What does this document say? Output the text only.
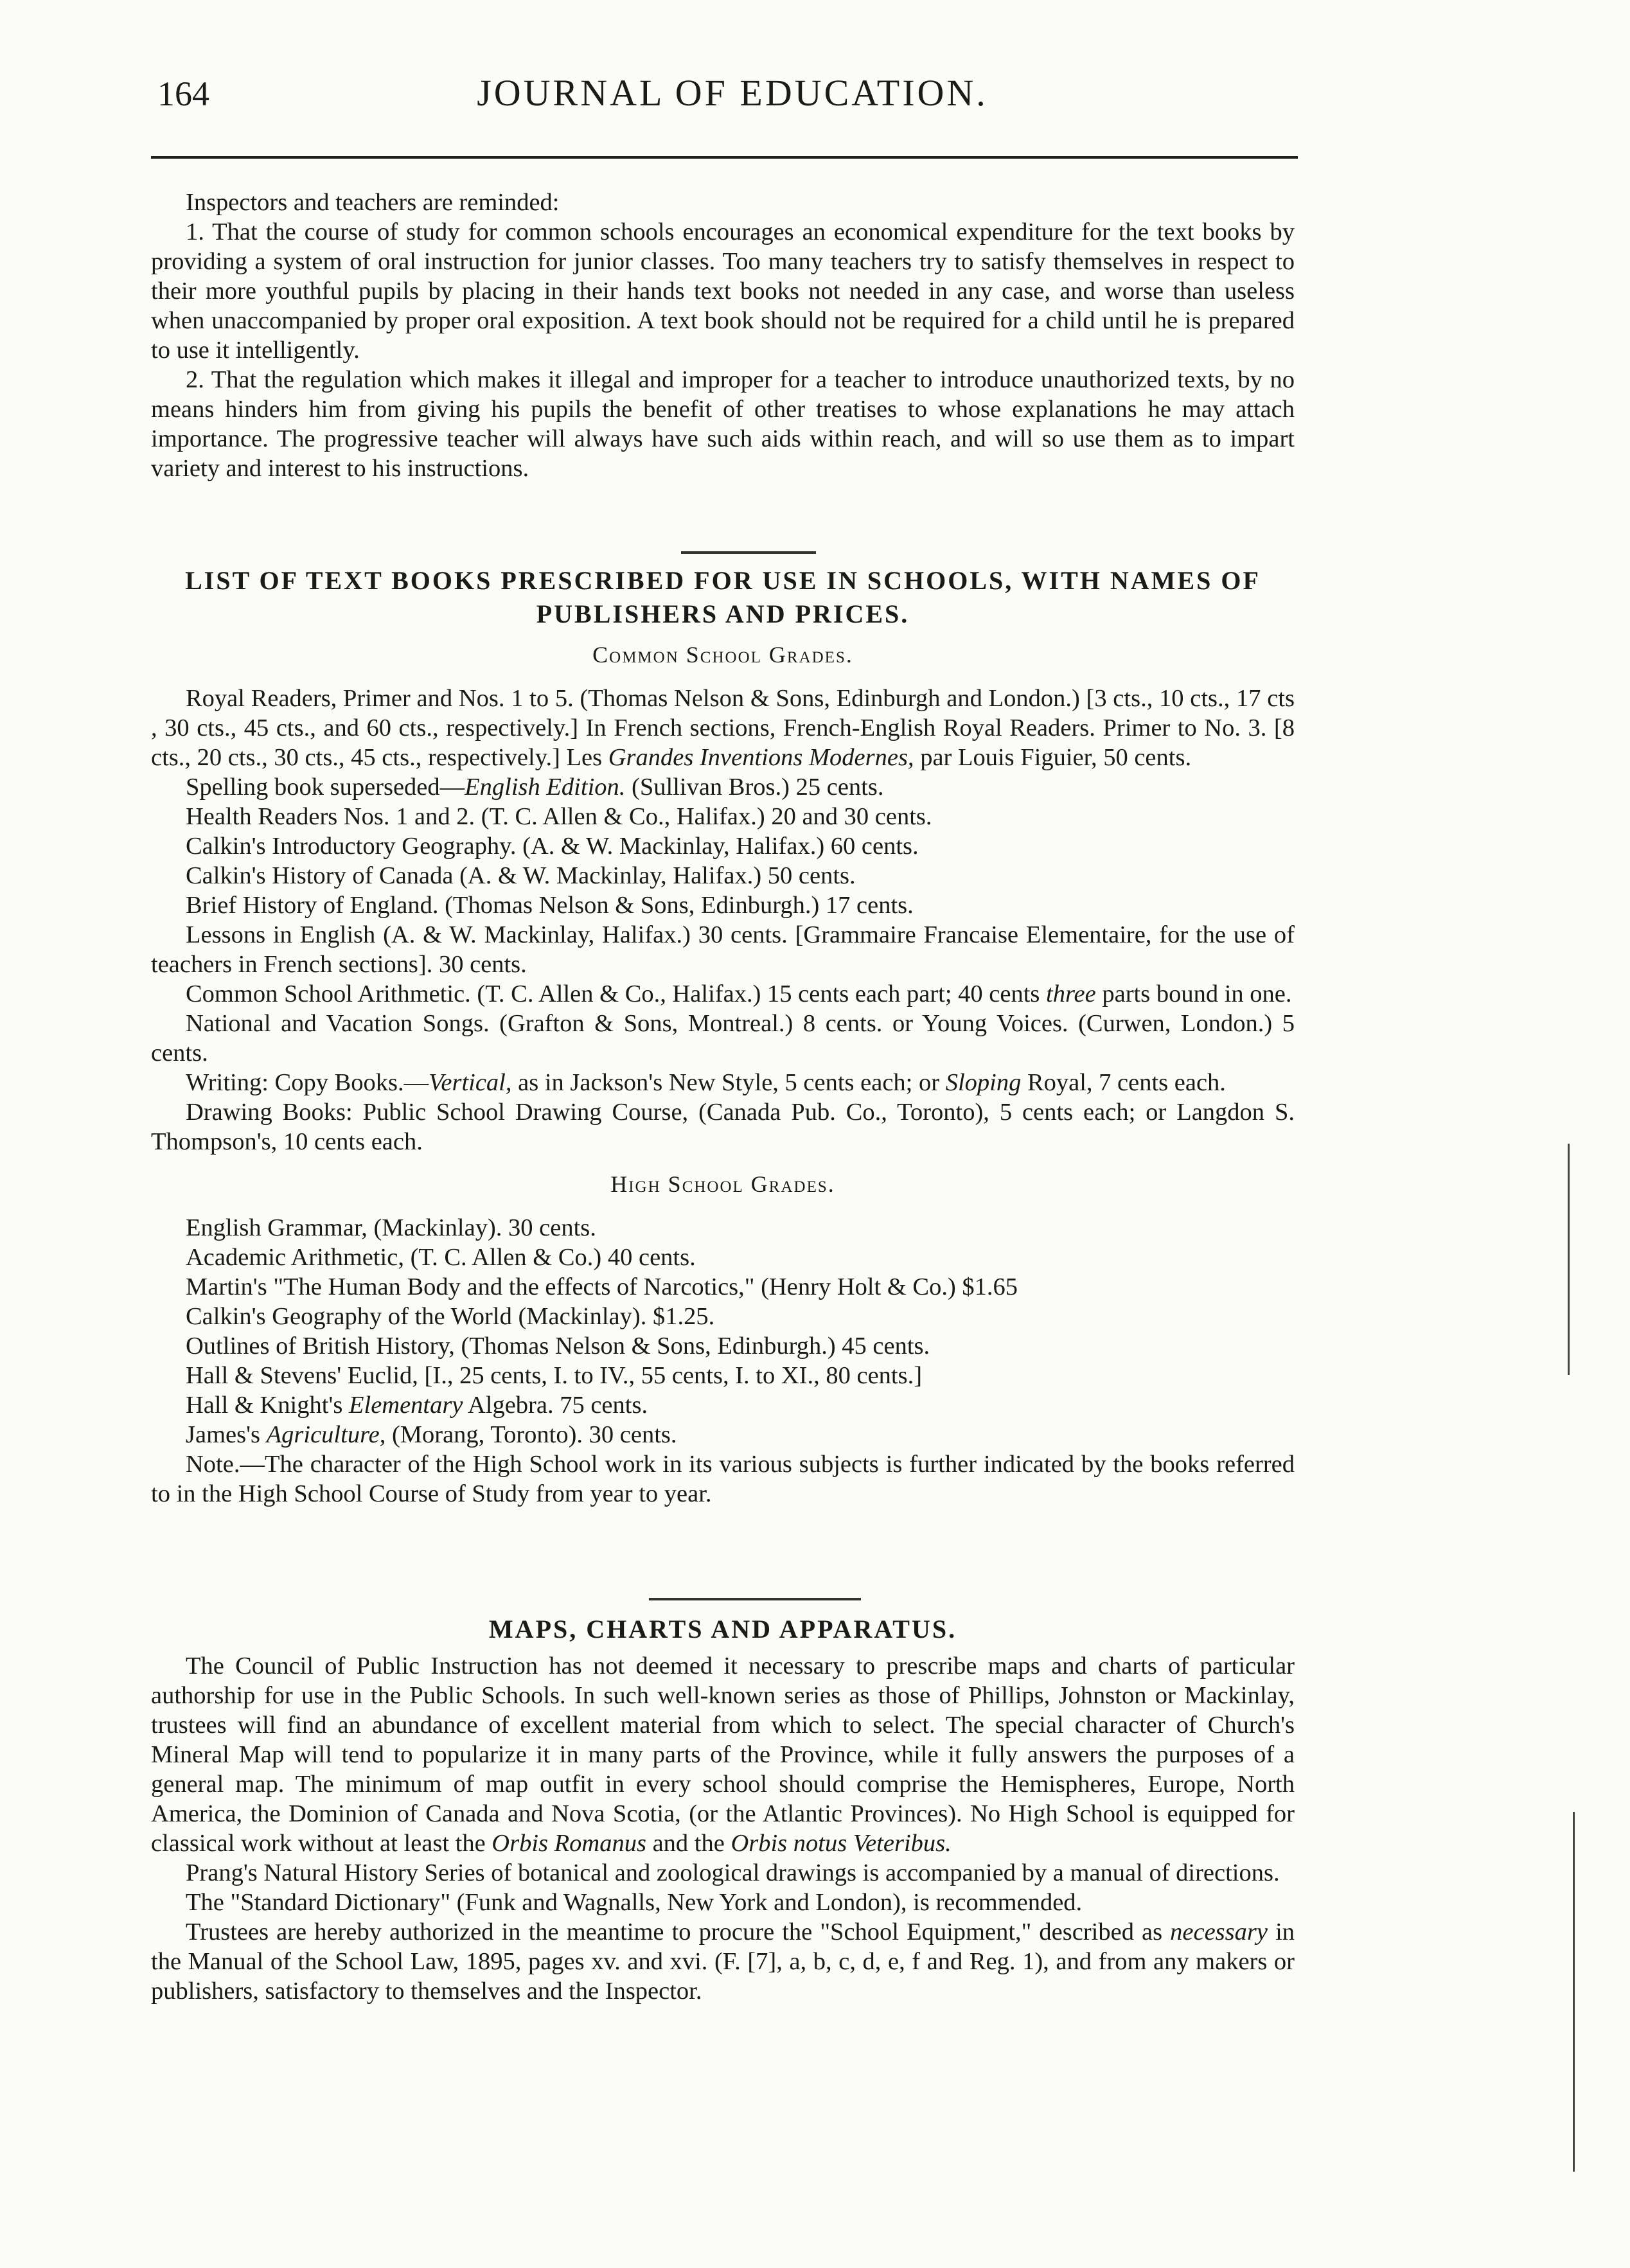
164	JOURNAL OF EDUCATION.

Inspectors and teachers are reminded:

1. That the course of study for common schools encourages an economical expenditure for the text books by providing a system of oral instruction for junior classes. Too many teachers try to satisfy themselves in respect to their more youthful pupils by placing in their hands text books not needed in any case, and worse than useless when unaccompanied by proper oral exposition. A text book should not be required for a child until he is prepared to use it intelligently.

2. That the regulation which makes it illegal and improper for a teacher to introduce unauthorized texts, by no means hinders him from giving his pupils the benefit of other treatises to whose explanations he may attach importance. The progressive teacher will always have such aids within reach, and will so use them as to impart variety and interest to his instructions.

LIST OF TEXT BOOKS PRESCRIBED FOR USE IN SCHOOLS, WITH NAMES OF

PUBLISHERS AND PRICES.

Common School Grades.

Royal Readers, Primer and Nos. 1 to 5. (Thomas Nelson & Sons, Edinburgh and London.) [3 cts., 10 cts., 17 cts , 30 cts., 45 cts., and 60 cts., respectively.] In French sections, French-English Royal Readers. Primer to No. 3. [8 cts., 20 cts., 30 cts., 45 cts., respectively.] Les Grandes Inventions Modernes, par Louis Figuier, 50 cents.

Spelling book superseded—English Edition. (Sullivan Bros.) 25 cents.

Health Readers Nos. 1 and 2. (T. C. Allen & Co., Halifax.) 20 and 30 cents.

Calkin's Introductory Geography. (A. & W. Mackinlay, Halifax.) 60 cents.

Calkin's History of Canada (A. & W. Mackinlay, Halifax.) 50 cents.

Brief History of England. (Thomas Nelson & Sons, Edinburgh.) 17 cents.

Lessons in English (A. & W. Mackinlay, Halifax.) 30 cents. [Grammaire Francaise Elementaire, for the use of teachers in French sections]. 30 cents.

Common School Arithmetic. (T. C. Allen & Co., Halifax.) 15 cents each part; 40 cents three parts bound in one.

National and Vacation Songs. (Grafton & Sons, Montreal.) 8 cents. or Young Voices. (Curwen, London.) 5 cents.

Writing: Copy Books.—Vertical, as in Jackson's New Style, 5 cents each; or Sloping Royal, 7 cents each.

Drawing Books: Public School Drawing Course, (Canada Pub. Co., Toronto), 5 cents each; or Langdon S. Thompson's, 10 cents each.

High School Grades.

English Grammar, (Mackinlay). 30 cents.

Academic Arithmetic, (T. C. Allen & Co.) 40 cents.

Martin's "The Human Body and the effects of Narcotics," (Henry Holt & Co.) $1.65

Calkin's Geography of the World (Mackinlay). $1.25.

Outlines of British History, (Thomas Nelson & Sons, Edinburgh.) 45 cents.

Hall & Stevens' Euclid, [I., 25 cents, I. to IV., 55 cents, I. to XI., 80 cents.]

Hall & Knight's Elementary Algebra. 75 cents.

James's Agriculture, (Morang, Toronto). 30 cents.

Note.—The character of the High School work in its various subjects is further indicated by the books referred to in the High School Course of Study from year to year.

MAPS, CHARTS AND APPARATUS.

The Council of Public Instruction has not deemed it necessary to prescribe maps and charts of particular authorship for use in the Public Schools. In such well-known series as those of Phillips, Johnston or Mackinlay, trustees will find an abundance of excellent material from which to select. The special character of Church's Mineral Map will tend to popularize it in many parts of the Province, while it fully answers the purposes of a general map. The minimum of map outfit in every school should comprise the Hemispheres, Europe, North America, the Dominion of Canada and Nova Scotia, (or the Atlantic Provinces). No High School is equipped for classical work without at least the Orbis Romanus and the Orbis notus Veteribus.

Prang's Natural History Series of botanical and zoological drawings is accompanied by a manual of directions.

The "Standard Dictionary" (Funk and Wagnalls, New York and London), is recommended.

Trustees are hereby authorized in the meantime to procure the "School Equipment," described as necessary in the Manual of the School Law, 1895, pages xv. and xvi. (F. [7], a, b, c, d, e, f and Reg. 1), and from any makers or publishers, satisfactory to themselves and the Inspector.
